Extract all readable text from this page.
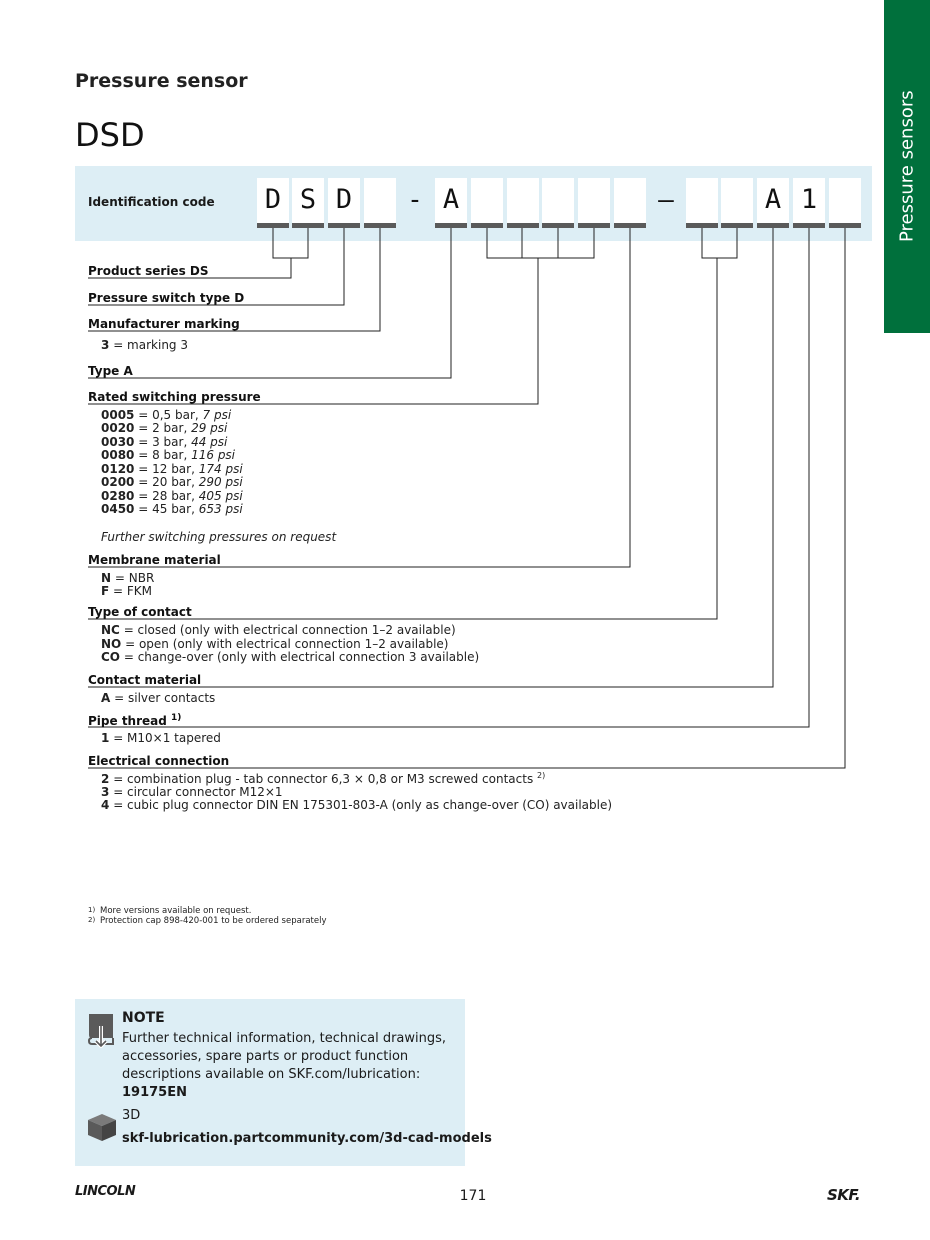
Pressure sensors
Pressure sensor
DSD
Identification code D S D	- A	–	A 1
Product series DS
Pressure switch type D
Manufacturer marking
3 = marking 3
Type A
Rated switching pressure
0005 = 0,5 bar, 7 psi
0020 = 2 bar, 29 psi
0030 = 3 bar, 44 psi
0080 = 8 bar, 116 psi
0120 = 12 bar, 174 psi
0200 = 20 bar, 290 psi
0280 = 28 bar, 405 psi
0450 = 45 bar, 653 psi
Further switching pressures on request
Membrane material
N = NBR
F = FKM
Type of contact
NC = closed (only with electrical connection 1–2 available)
NO = open (only with electrical connection 1–2 available)
CO = change-over (only with electrical connection 3 available)
Contact material
A = silver contacts
Pipe thread $^{1)}$
1 = M10×1 tapered
Electrical connection
2 = combination plug - tab connector 6,3 × 0,8 or M3 screwed contacts $^{2)}$
3 = circular connector M12×1
4 = cubic plug connector DIN EN 175301-803-A (only as change-over (CO) available)
1) More versions available on request.
2) Protection cap 898-420-001 to be ordered separately
NOTE
Further technical information, technical drawings, accessories, spare parts or product function descriptions available on SKF.com/lubrication:
19175EN
3D
skf-lubrication.partcommunity.com/3d-cad-models
LINCOLN	171	SKF.
